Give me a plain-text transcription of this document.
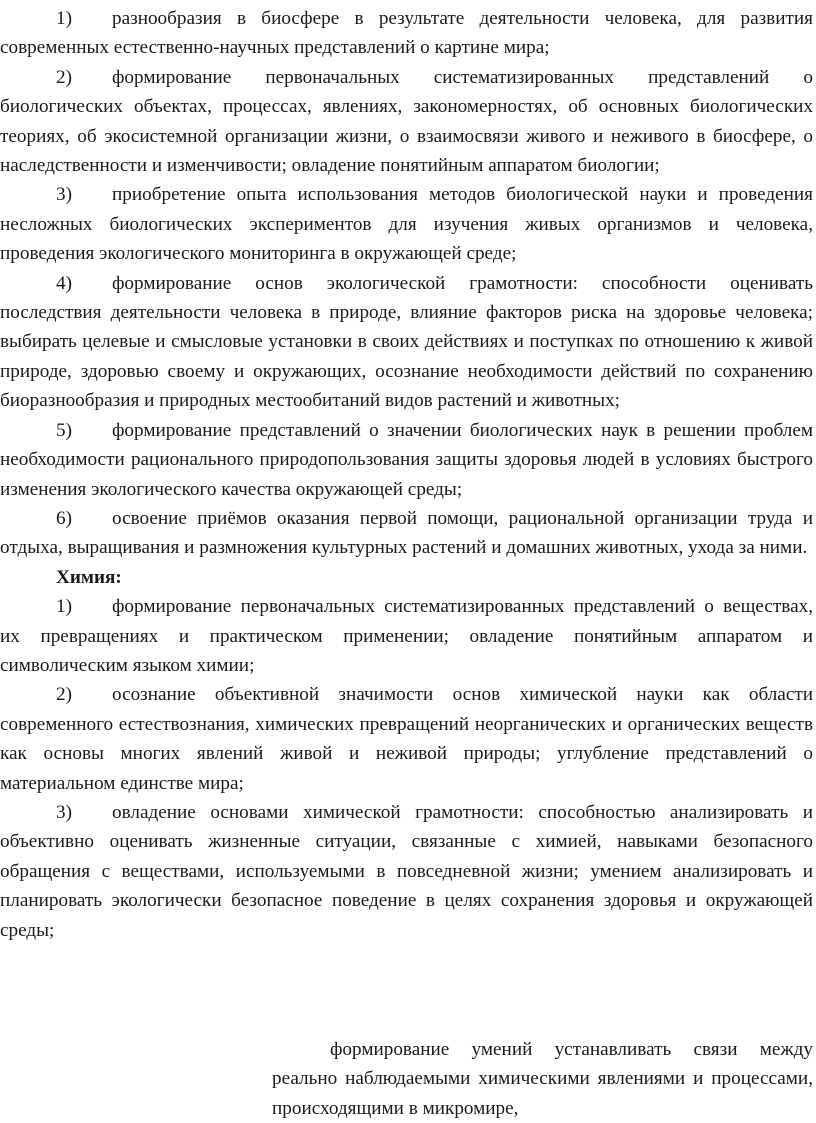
1) разнообразия в биосфере в результате деятельности человека, для развития современных естественно-научных представлений о картине мира;

2) формирование первоначальных систематизированных представлений о биологических объектах, процессах, явлениях, закономерностях, об основных биологических теориях, об экосистемной организации жизни, о взаимосвязи живого и неживого в биосфере, о наследственности и изменчивости; овладение понятийным аппаратом биологии;

3) приобретение опыта использования методов биологической науки и проведения несложных биологических экспериментов для изучения живых организмов и человека, проведения экологического мониторинга в окружающей среде;

4) формирование основ экологической грамотности: способности оценивать последствия деятельности человека в природе, влияние факторов риска на здоровье человека; выбирать целевые и смысловые установки в своих действиях и поступках по отношению к живой природе, здоровью своему и окружающих, осознание необходимости действий по сохранению биоразнообразия и природных местообитаний видов растений и животных;

5) формирование представлений о значении биологических наук в решении проблем необходимости рационального природопользования защиты здоровья людей в условиях быстрого изменения экологического качества окружающей среды;

6) освоение приёмов оказания первой помощи, рациональной организации труда и отдыха, выращивания и размножения культурных растений и домашних животных, ухода за ними.

Химия:

1) формирование первоначальных систематизированных представлений о веществах, их превращениях и практическом применении; овладение понятийным аппаратом и символическим языком химии;

2) осознание объективной значимости основ химической науки как области современного естествознания, химических превращений неорганических и органических веществ как основы многих явлений живой и неживой природы; углубление представлений о материальном единстве мира;

3) овладение основами химической грамотности: способностью анализировать и объективно оценивать жизненные ситуации, связанные с химией, навыками безопасного обращения с веществами, используемыми в повседневной жизни; умением анализировать и планировать экологически безопасное поведение в целях сохранения здоровья и окружающей среды;

формирование умений устанавливать связи между реально наблюдаемыми химическими явлениями и процессами, происходящими в микромире,
